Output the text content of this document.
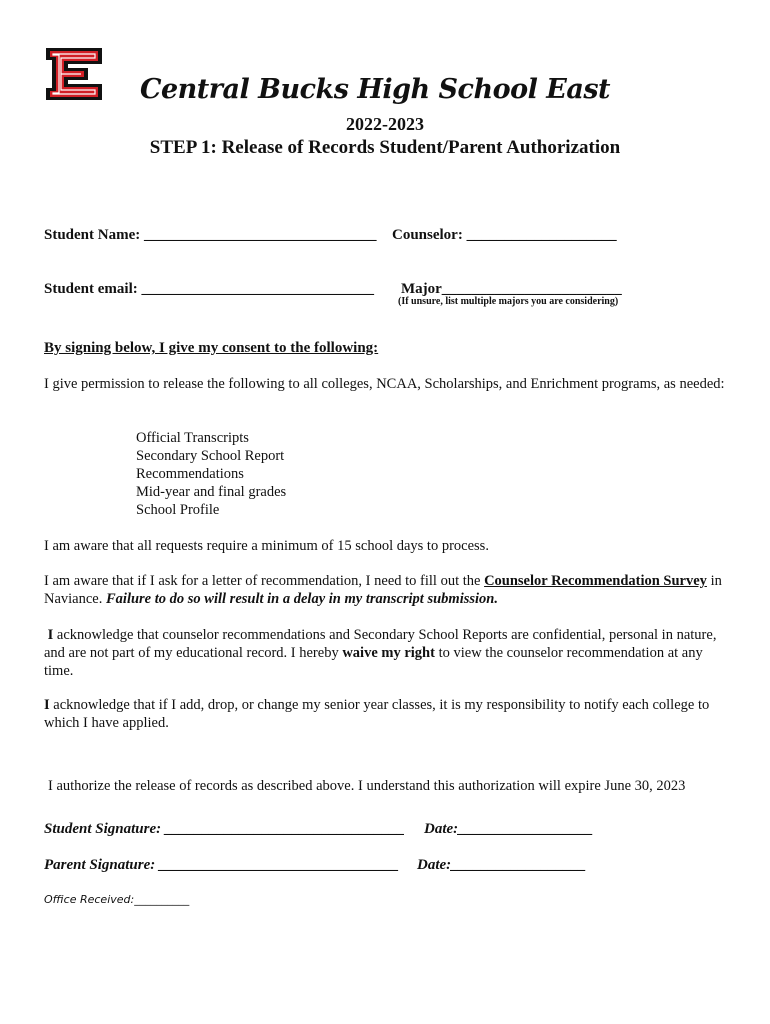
Central Bucks High School East
2022-2023
STEP 1: Release of Records Student/Parent Authorization
Student Name: _______________________________ Counselor: ____________________
Student email: _______________________________ Major________________________
(If unsure, list multiple majors you are considering)
By signing below, I give my consent to the following:
I give permission to release the following to all colleges, NCAA, Scholarships, and Enrichment programs, as needed:
Official Transcripts
Secondary School Report
Recommendations
Mid-year and final grades
School Profile
I am aware that all requests require a minimum of 15 school days to process.
I am aware that if I ask for a letter of recommendation, I need to fill out the Counselor Recommendation Survey in Naviance. Failure to do so will result in a delay in my transcript submission.
I acknowledge that counselor recommendations and Secondary School Reports are confidential, personal in nature, and are not part of my educational record. I hereby waive my right to view the counselor recommendation at any time.
I acknowledge that if I add, drop, or change my senior year classes, it is my responsibility to notify each college to which I have applied.
I authorize the release of records as described above. I understand this authorization will expire June 30, 2023
Student Signature: ________________________________ Date:__________________
Parent Signature: ________________________________ Date:__________________
Office Received:__________
